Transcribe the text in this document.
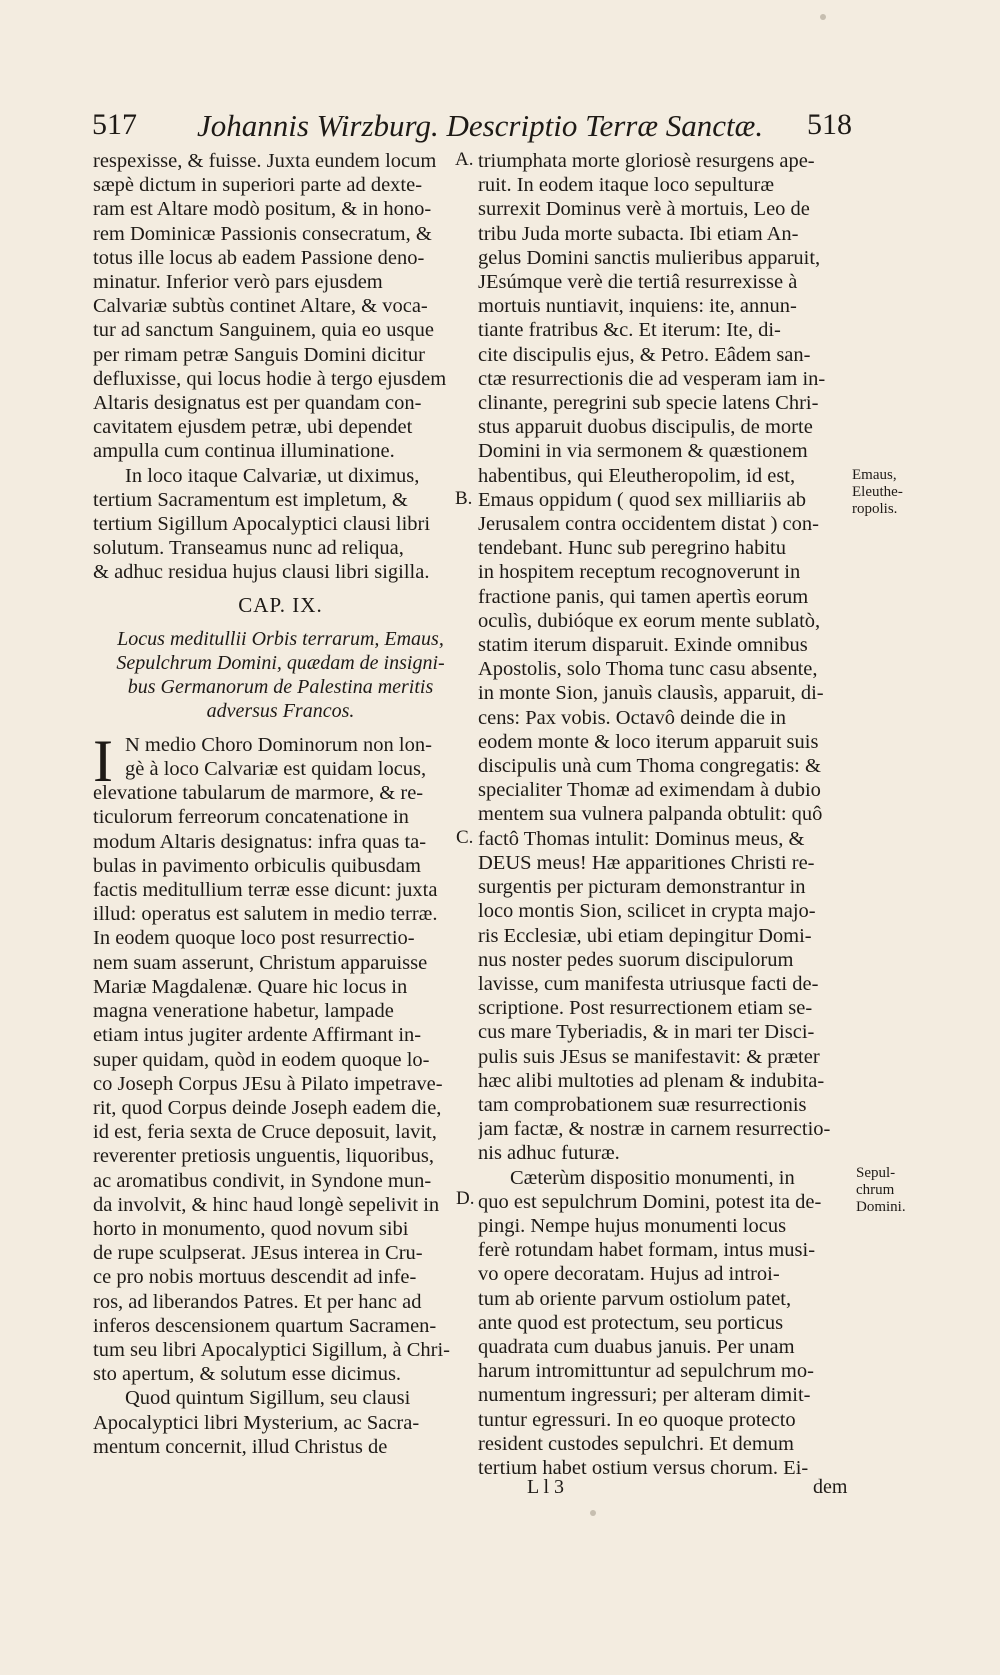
517 Johannis Wirzburg. Descriptio Terræ Sanctæ. 518
respexisse, & fuisse. Juxta eundem locum
sæpè dictum in superiori parte ad dexte-
ram est Altare modò positum, & in hono-
rem Dominicæ Passionis consecratum, &
totus ille locus ab eadem Passione deno-
minatur. Inferior verò pars ejusdem
Calvariæ subtùs continet Altare, & voca-
tur ad sanctum Sanguinem, quia eo usque
per rimam petræ Sanguis Domini dicitur
defluxisse, qui locus hodie à tergo ejusdem
Altaris designatus est per quandam con-
cavitatem ejusdem petræ, ubi dependet
ampulla cum continua illuminatione.
In loco itaque Calvariæ, ut diximus,
tertium Sacramentum est impletum, &
tertium Sigillum Apocalyptici clausi libri
solutum. Transeamus nunc ad reliqua,
& adhuc residua hujus clausi libri sigilla.
CAP. IX.
Locus meditullii Orbis terrarum, Emaus,
Sepulchrum Domini, quædam de insigni-
bus Germanorum de Palestina meritis
adversus Francos.
I N medio Choro Dominorum non lon-
gè à loco Calvariæ est quidam locus,
elevatione tabularum de marmore, & re-
ticulorum ferreorum concatenatione in
modum Altaris designatus: infra quas ta-
bulas in pavimento orbiculis quibusdam
factis meditullium terræ esse dicunt: juxta
illud: operatus est salutem in medio terræ.
In eodem quoque loco post resurrectio-
nem suam asserunt, Christum apparuisse
Mariæ Magdalenæ. Quare hic locus in
magna veneratione habetur, lampade
etiam intus jugiter ardente Affirmant in-
super quidam, quòd in eodem quoque lo-
co Joseph Corpus JEsu à Pilato impetrave-
rit, quod Corpus deinde Joseph eadem die,
id est, feria sexta de Cruce deposuit, lavit,
reverenter pretiosis unguentis, liquoribus,
ac aromatibus condivit, in Syndone mun-
da involvit, & hinc haud longè sepelivit in
horto in monumento, quod novum sibi
de rupe sculpserat. JEsus interea in Cru-
ce pro nobis mortuus descendit ad infe-
ros, ad liberandos Patres. Et per hanc ad
inferos descensionem quartum Sacramen-
tum seu libri Apocalyptici Sigillum, à Chri-
sto apertum, & solutum esse dicimus.
Quod quintum Sigillum, seu clausi
Apocalyptici libri Mysterium, ac Sacra-
mentum concernit, illud Christus de
triumphata morte gloriosè resurgens ape-
ruit. In eodem itaque loco sepulturæ
surrexit Dominus verè à mortuis, Leo de
tribu Juda morte subacta. Ibi etiam An-
gelus Domini sanctis mulieribus apparuit,
JEsúmque verè die tertiâ resurrexisse à
mortuis nuntiavit, inquiens: ite, annun-
tiante fratribus &c. Et iterum: Ite, di-
cite discipulis ejus, & Petro. Eâdem san-
ctæ resurrectionis die ad vesperam iam in-
clinante, peregrini sub specie latens Chri-
stus apparuit duobus discipulis, de morte
Domini in via sermonem & quæstionem
habentibus, qui Eleutheropolim, id est,
Emaus oppidum ( quod sex milliariis ab
Jerusalem contra occidentem distat ) con-
tendebant. Hunc sub peregrino habitu
in hospitem receptum recognoverunt in
fractione panis, qui tamen apertìs eorum
oculìs, dubióque ex eorum mente sublatò,
statim iterum disparuit. Exinde omnibus
Apostolis, solo Thoma tunc casu absente,
in monte Sion, januìs clausìs, apparuit, di-
cens: Pax vobis. Octavô deinde die in
eodem monte & loco iterum apparuit suis
discipulis unà cum Thoma congregatis: &
specialiter Thomæ ad eximendam à dubio
mentem sua vulnera palpanda obtulit: quô
factô Thomas intulit: Dominus meus, &
DEUS meus! Hæ apparitiones Christi re-
surgentis per picturam demonstrantur in
loco montis Sion, scilicet in crypta majo-
ris Ecclesiæ, ubi etiam depingitur Domi-
nus noster pedes suorum discipulorum
lavisse, cum manifesta utriusque facti de-
scriptione. Post resurrectionem etiam se-
cus mare Tyberiadis, & in mari ter Disci-
pulis suis JEsus se manifestavit: & præter
hæc alibi multoties ad plenam & indubita-
tam comprobationem suæ resurrectionis
jam factæ, & nostræ in carnem resurrectio-
nis adhuc futuræ.
Cæterùm dispositio monumenti, in
quo est sepulchrum Domini, potest ita de-
pingi. Nempe hujus monumenti locus
ferè rotundam habet formam, intus musi-
vo opere decoratam. Hujus ad introi-
tum ab oriente parvum ostiolum patet,
ante quod est protectum, seu porticus
quadrata cum duabus januis. Per unam
harum intromittuntur ad sepulchrum mo-
numentum ingressuri; per alteram dimit-
tuntur egressuri. In eo quoque protecto
resident custodes sepulchri. Et demum
tertium habet ostium versus chorum. Ei-
A.
B.
C.
D.
Emaus,
Eleuthe-
ropolis.
Sepul-
chrum
Domini.
L l 3	dem
